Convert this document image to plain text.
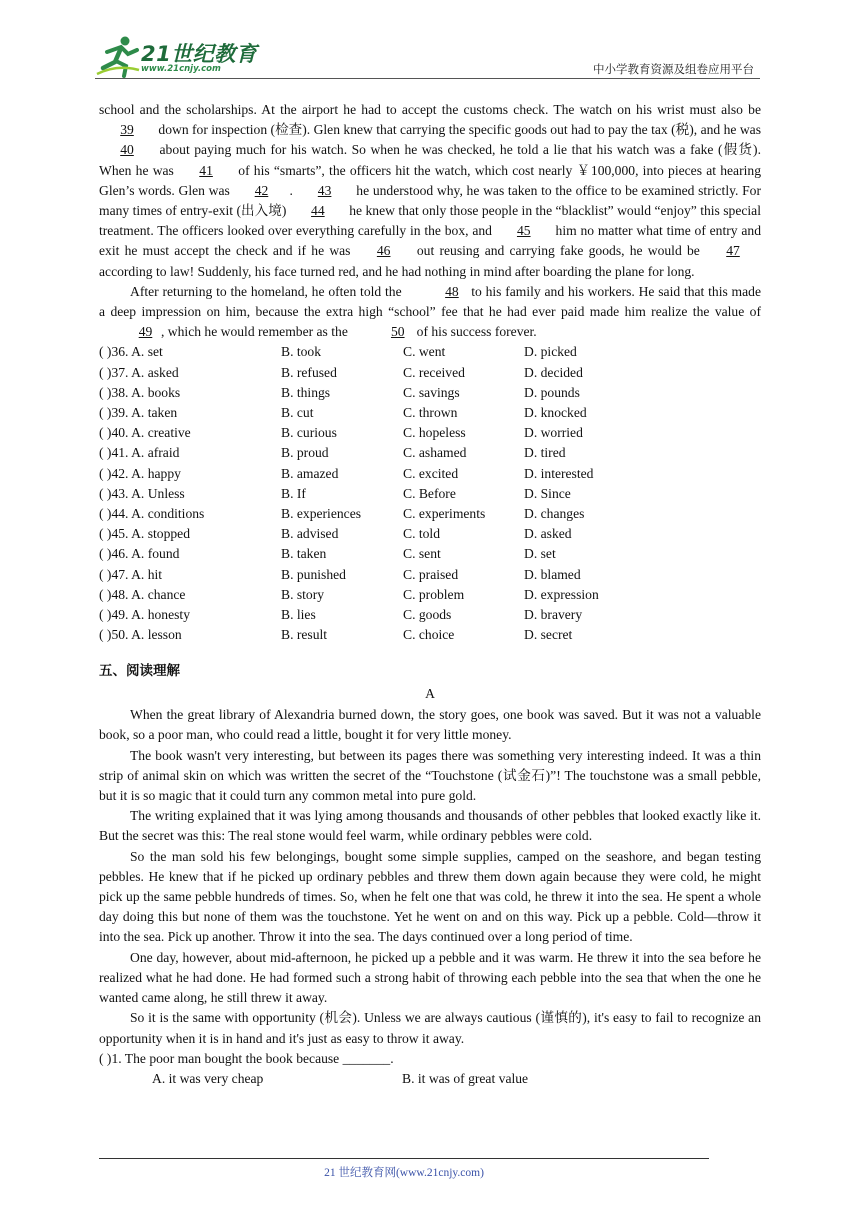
21世纪教育
www.21cnjy.com	中小学教育资源及组卷应用平台

school and the scholarships. At the airport he had to accept the customs check. The watch on his wrist must also be 39 down for inspection (检查). Glen knew that carrying the specific goods out had to pay the tax (税), and he was 40 about paying much for his watch. So when he was checked, he told a lie that his watch was a fake (假货). When he was 41 of his “smarts”, the officers hit the watch, which cost nearly ￥100,000, into pieces at hearing Glen’s words. Glen was 42 . 43 he understood why, he was taken to the office to be examined strictly. For many times of entry-exit (出入境) 44 he knew that only those people in the “blacklist” would “enjoy” this special treatment. The officers looked over everything carefully in the box, and 45 him no matter what time of entry and exit he must accept the check and if he was 46 out reusing and carrying fake goods, he would be 47 according to law! Suddenly, his face turned red, and he had nothing in mind after boarding the plane for long.

After returning to the homeland, he often told the	48 to his family and his workers. He said that this made a deep impression on him, because the extra high “school” fee that he had ever paid made him realize the value of 49 , which he would remember as the	50 of his success forever.

( )36. A. set	B. took	C. went	D. picked
( )37. A. asked	B. refused	C. received	D. decided
( )38. A. books	B. things	C. savings	D. pounds
( )39. A. taken	B. cut	C. thrown	D. knocked
( )40. A. creative	B. curious	C. hopeless	D. worried
( )41. A. afraid	B. proud	C. ashamed	D. tired
( )42. A. happy	B. amazed	C. excited	D. interested
( )43. A. Unless	B. If	C. Before	D. Since
( )44. A. conditions	B. experiences	C. experiments	D. changes
( )45. A. stopped	B. advised	C. told	D. asked
( )46. A. found	B. taken	C. sent	D. set
( )47. A. hit	B. punished	C. praised	D. blamed
( )48. A. chance	B. story	C. problem	D. expression
( )49. A. honesty	B. lies	C. goods	D. bravery
( )50. A. lesson	B. result	C. choice	D. secret
五、阅读理解
A

When the great library of Alexandria burned down, the story goes, one book was saved. But it was not a valuable book, so a poor man, who could read a little, bought it for very little money.

The book wasn't very interesting, but between its pages there was something very interesting indeed. It was a thin strip of animal skin on which was written the secret of the “Touchstone (试金石)”! The touchstone was a small pebble, but it is so magic that it could turn any common metal into pure gold.

The writing explained that it was lying among thousands and thousands of other pebbles that looked exactly like it. But the secret was this: The real stone would feel warm, while ordinary pebbles were cold.

So the man sold his few belongings, bought some simple supplies, camped on the seashore, and began testing pebbles. He knew that if he picked up ordinary pebbles and threw them down again because they were cold, he might pick up the same pebble hundreds of times. So, when he felt one that was cold, he threw it into the sea. He spent a whole day doing this but none of them was the touchstone. Yet he went on and on this way. Pick up a pebble. Cold—throw it into the sea. Pick up another. Throw it into the sea. The days continued over a long period of time.

One day, however, about mid-afternoon, he picked up a pebble and it was warm. He threw it into the sea before he realized what he had done. He had formed such a strong habit of throwing each pebble into the sea that when the one he wanted came along, he still threw it away.

So it is the same with opportunity (机会). Unless we are always cautious (谨慎的), it's easy to fail to recognize an opportunity when it is in hand and it's just as easy to throw it away.

( )1. The poor man bought the book because _______.
A. it was very cheap	B. it was of great value
21 世纪教育网(www.21cnjy.com)
